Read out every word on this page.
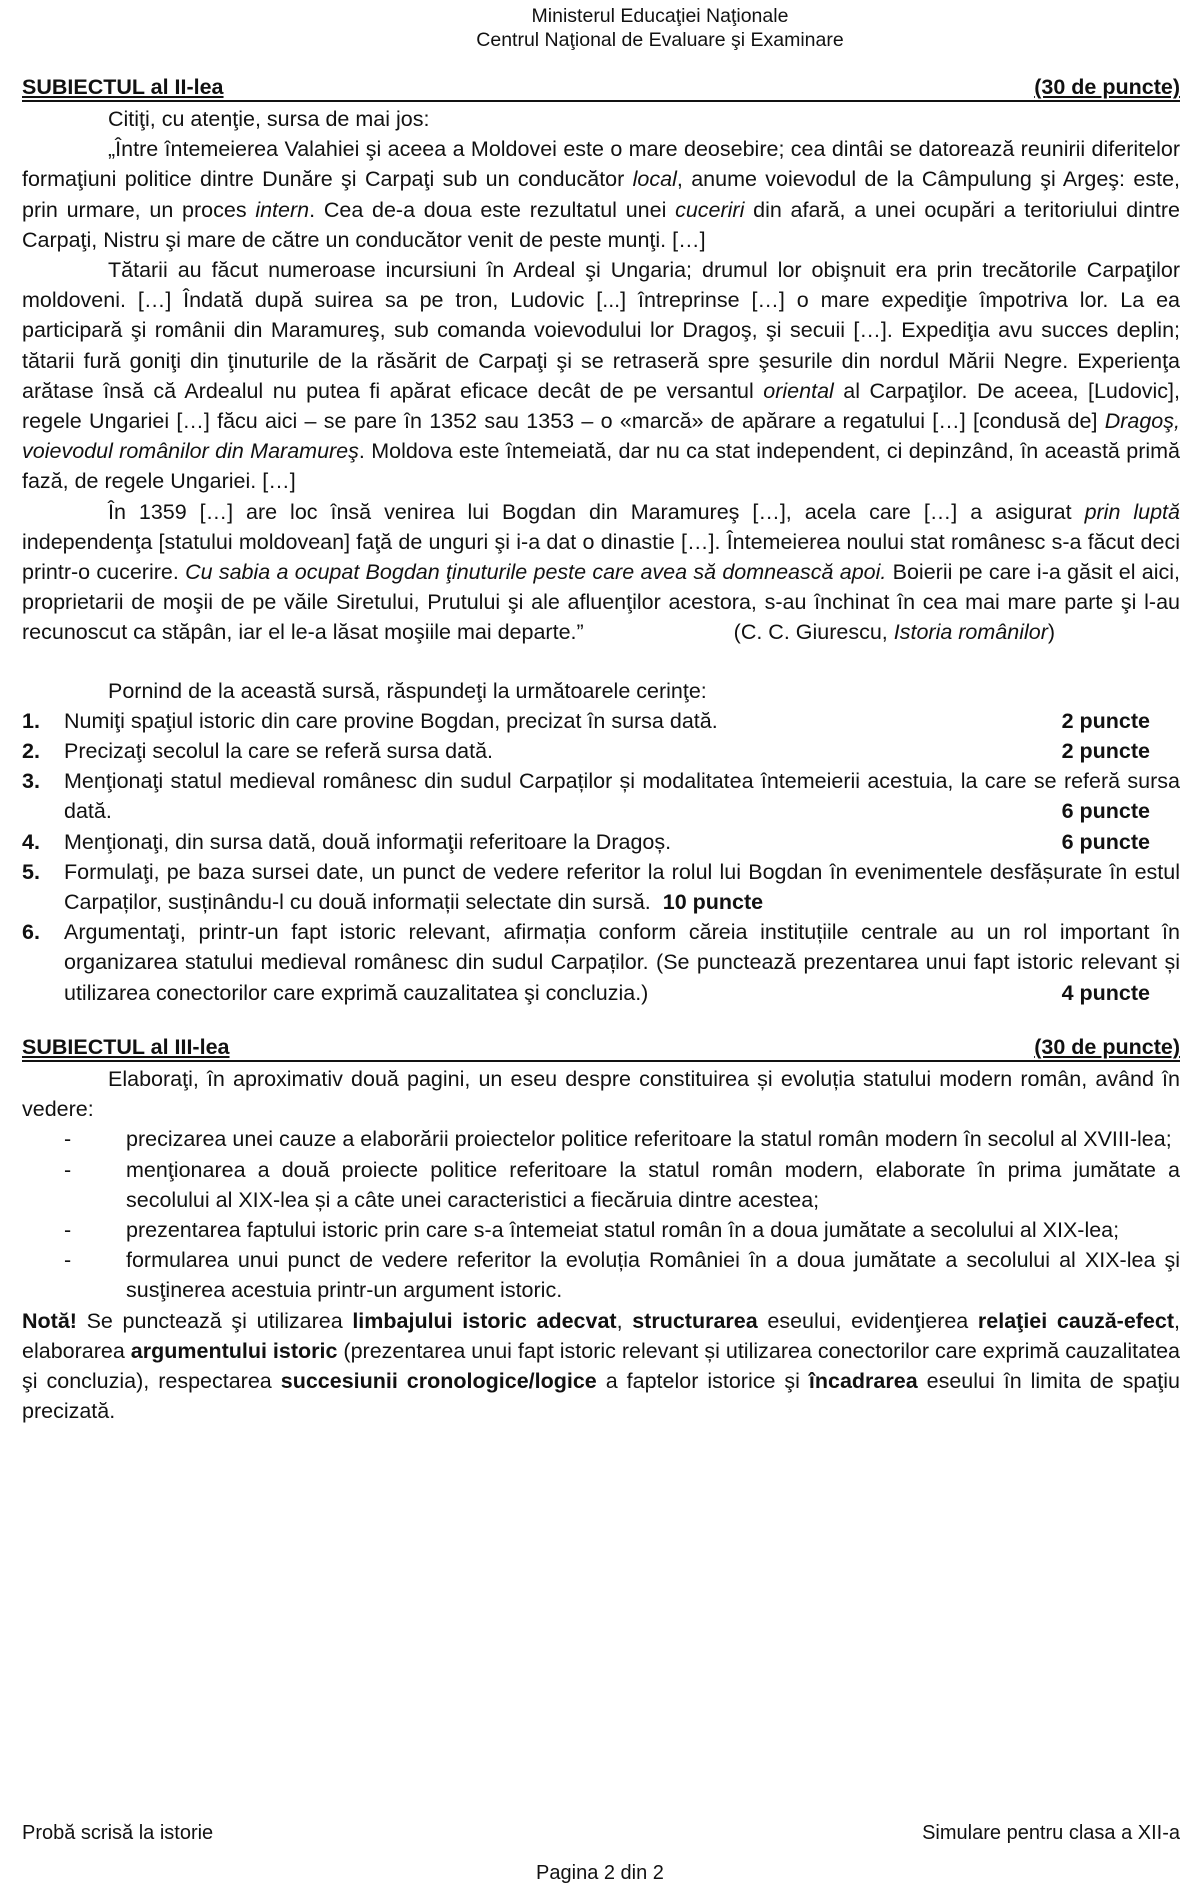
Ministerul Educaţiei Naţionale
Centrul Naţional de Evaluare şi Examinare
SUBIECTUL al II-lea	(30 de puncte)
Citiţi, cu atenţie, sursa de mai jos:
„Între întemeierea Valahiei şi aceea a Moldovei este o mare deosebire; cea dintâi se datorează reunirii diferitelor formaţiuni politice dintre Dunăre şi Carpaţi sub un conducător local, anume voievodul de la Câmpulung şi Argeş: este, prin urmare, un proces intern. Cea de-a doua este rezultatul unei cuceriri din afară, a unei ocupări a teritoriului dintre Carpaţi, Nistru şi mare de către un conducător venit de peste munţi. […]
Tătarii au făcut numeroase incursiuni în Ardeal şi Ungaria; drumul lor obişnuit era prin trecătorile Carpaţilor moldoveni. […] Îndată după suirea sa pe tron, Ludovic [...] întreprinse […] o mare expediţie împotriva lor. La ea participară şi românii din Maramureş, sub comanda voievodului lor Dragoş, şi secuii […]. Expediţia avu succes deplin; tătarii fură goniţi din ţinuturile de la răsărit de Carpaţi şi se retraseră spre şesurile din nordul Mării Negre. Experienţa arătase însă că Ardealul nu putea fi apărat eficace decât de pe versantul oriental al Carpaţilor. De aceea, [Ludovic], regele Ungariei […] făcu aici – se pare în 1352 sau 1353 – o «marcă» de apărare a regatului […] [condusă de] Dragoş, voievodul românilor din Maramureş. Moldova este întemeiată, dar nu ca stat independent, ci depinzând, în această primă fază, de regele Ungariei. […]
În 1359 […] are loc însă venirea lui Bogdan din Maramureş […], acela care […] a asigurat prin luptă independenţa [statului moldovean] faţă de unguri şi i-a dat o dinastie […]. Întemeierea noului stat românesc s-a făcut deci printr-o cucerire. Cu sabia a ocupat Bogdan ţinuturile peste care avea să domnească apoi. Boierii pe care i-a găsit el aici, proprietarii de moşii de pe văile Siretului, Prutului şi ale afluenţilor acestora, s-au închinat în cea mai mare parte şi l-au recunoscut ca stăpân, iar el le-a lăsat moşiile mai departe.”	(C. C. Giurescu, Istoria românilor)
Pornind de la această sursă, răspundeţi la următoarele cerinţe:
1.	Numiţi spaţiul istoric din care provine Bogdan, precizat în sursa dată.	2 puncte
2.	Precizaţi secolul la care se referă sursa dată.	2 puncte
3.	Menţionaţi statul medieval românesc din sudul Carpaților și modalitatea întemeierii acestuia, la care se referă sursa dată.	6 puncte
4.	Menţionaţi, din sursa dată, două informaţii referitoare la Dragoș.	6 puncte
5.	Formulaţi, pe baza sursei date, un punct de vedere referitor la rolul lui Bogdan în evenimentele desfășurate în estul Carpaților, susținându-l cu două informații selectate din sursă. 10 puncte
6.	Argumentaţi, printr-un fapt istoric relevant, afirmația conform căreia instituțiile centrale au un rol important în organizarea statului medieval românesc din sudul Carpaților. (Se punctează prezentarea unui fapt istoric relevant și utilizarea conectorilor care exprimă cauzalitatea şi concluzia.)	4 puncte
SUBIECTUL al III-lea	(30 de puncte)
Elaboraţi, în aproximativ două pagini, un eseu despre constituirea și evoluția statului modern român, având în vedere:
-	precizarea unei cauze a elaborării proiectelor politice referitoare la statul român modern în secolul al XVIII-lea;
-	menţionarea a două proiecte politice referitoare la statul român modern, elaborate în prima jumătate a secolului al XIX-lea și a câte unei caracteristici a fiecăruia dintre acestea;
-	prezentarea faptului istoric prin care s-a întemeiat statul român în a doua jumătate a secolului al XIX-lea;
-	formularea unui punct de vedere referitor la evoluția României în a doua jumătate a secolului al XIX-lea şi susţinerea acestuia printr-un argument istoric.
Notă! Se punctează şi utilizarea limbajului istoric adecvat, structurarea eseului, evidenţierea relaţiei cauză-efect, elaborarea argumentului istoric (prezentarea unui fapt istoric relevant și utilizarea conectorilor care exprimă cauzalitatea şi concluzia), respectarea succesiunii cronologice/logice a faptelor istorice şi încadrarea eseului în limita de spaţiu precizată.
Probă scrisă la istorie	Simulare pentru clasa a XII-a
Pagina 2 din 2
